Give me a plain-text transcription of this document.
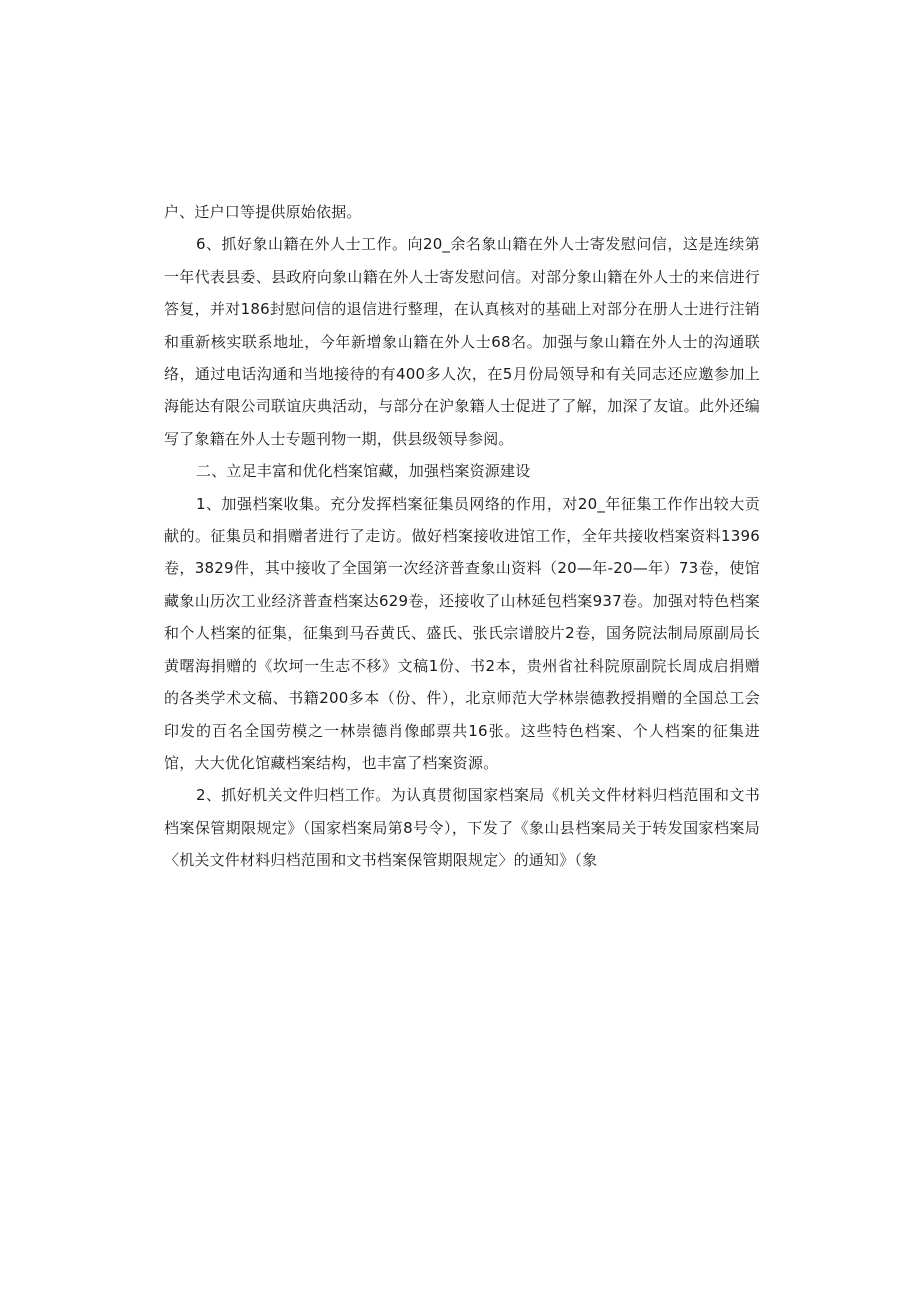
户、迁户口等提供原始依据。

6、抓好象山籍在外人士工作。向20_余名象山籍在外人士寄发慰问信，这是连续第一年代表县委、县政府向象山籍在外人士寄发慰问信。对部分象山籍在外人士的来信进行答复，并对186封慰问信的退信进行整理，在认真核对的基础上对部分在册人士进行注销和重新核实联系地址，今年新增象山籍在外人士68名。加强与象山籍在外人士的沟通联络，通过电话沟通和当地接待的有400多人次，在5月份局领导和有关同志还应邀参加上海能达有限公司联谊庆典活动，与部分在沪象籍人士促进了了解，加深了友谊。此外还编写了象籍在外人士专题刊物一期，供县级领导参阅。

二、立足丰富和优化档案馆藏，加强档案资源建设

1、加强档案收集。充分发挥档案征集员网络的作用，对20_年征集工作作出较大贡献的。征集员和捐赠者进行了走访。做好档案接收进馆工作，全年共接收档案资料1396卷，3829件，其中接收了全国第一次经济普查象山资料（20—年-20—年）73卷，使馆藏象山历次工业经济普查档案达629卷，还接收了山林延包档案937卷。加强对特色档案和个人档案的征集，征集到马吞黄氏、盛氏、张氏宗谱胶片2卷，国务院法制局原副局长黄曙海捐赠的《坎坷一生志不移》文稿1份、书2本，贵州省社科院原副院长周成启捐赠的各类学术文稿、书籍200多本（份、件），北京师范大学林崇德教授捐赠的全国总工会印发的百名全国劳模之一林崇德肖像邮票共16张。这些特色档案、个人档案的征集进馆，大大优化馆藏档案结构，也丰富了档案资源。

2、抓好机关文件归档工作。为认真贯彻国家档案局《机关文件材料归档范围和文书档案保管期限规定》（国家档案局第8号令），下发了《象山县档案局关于转发国家档案局〈机关文件材料归档范围和文书档案保管期限规定〉的通知》（象
